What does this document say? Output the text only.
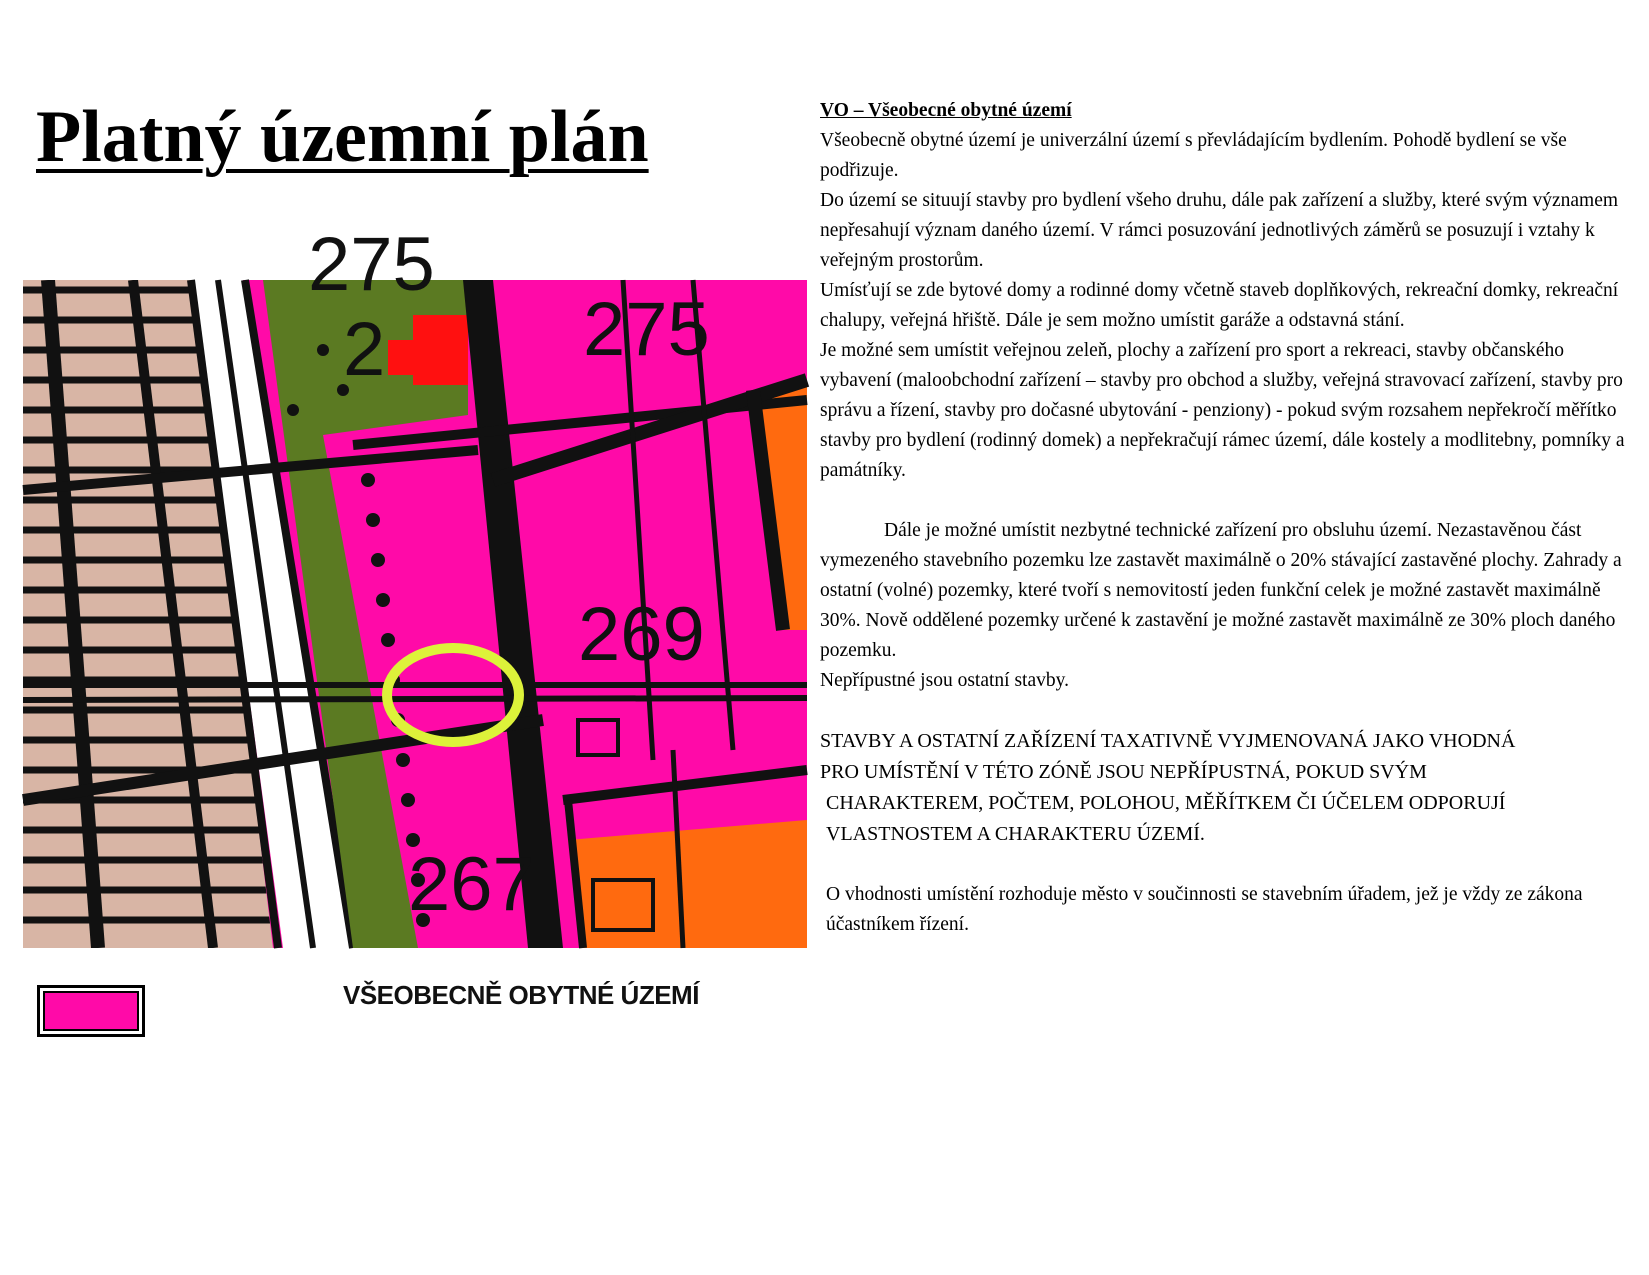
Platný územní plán
275
269
267
2
275
VŠEOBECNĚ OBYTNÉ ÚZEMÍ

VO – Všeobecné obytné území

Všeobecně obytné území je univerzální území s převládajícím bydlením. Pohodě bydlení se vše podřizuje.

Do území se situují stavby pro bydlení všeho druhu, dále pak zařízení a služby, které svým významem nepřesahují význam daného území. V rámci posuzování jednotlivých záměrů se posuzují i vztahy k veřejným prostorům.

Umísťují se zde bytové domy a rodinné domy včetně staveb doplňkových, rekreační domky, rekreační chalupy, veřejná hřiště. Dále je sem možno umístit garáže a odstavná stání.

Je možné sem umístit veřejnou zeleň, plochy a zařízení pro sport a rekreaci, stavby občanského vybavení (maloobchodní zařízení – stavby pro obchod a služby, veřejná stravovací zařízení, stavby pro správu a řízení, stavby pro dočasné ubytování - penziony) - pokud svým rozsahem nepřekročí měřítko stavby pro bydlení (rodinný domek) a nepřekračují rámec území, dále kostely a modlitebny, pomníky a památníky.

Dále je možné umístit nezbytné technické zařízení pro obsluhu území. Nezastavěnou část vymezeného stavebního pozemku lze zastavět maximálně o 20% stávající zastavěné plochy. Zahrady a ostatní (volné) pozemky, které tvoří s nemovitostí jeden funkční celek je možné zastavět maximálně 30%. Nově oddělené pozemky určené k zastavění je možné zastavět maximálně ze 30% ploch daného pozemku.

Nepřípustné jsou ostatní stavby.

STAVBY A OSTATNÍ ZAŘÍZENÍ TAXATIVNĚ VYJMENOVANÁ JAKO VHODNÁ

PRO UMÍSTĚNÍ V TÉTO ZÓNĚ JSOU NEPŘÍPUSTNÁ, POKUD SVÝM

CHARAKTEREM, POČTEM, POLOHOU, MĚŘÍTKEM ČI ÚČELEM ODPORUJÍ

VLASTNOSTEM A CHARAKTERU ÚZEMÍ.

O vhodnosti umístění rozhoduje město v součinnosti se stavebním úřadem, jež je vždy ze zákona účastníkem řízení.
